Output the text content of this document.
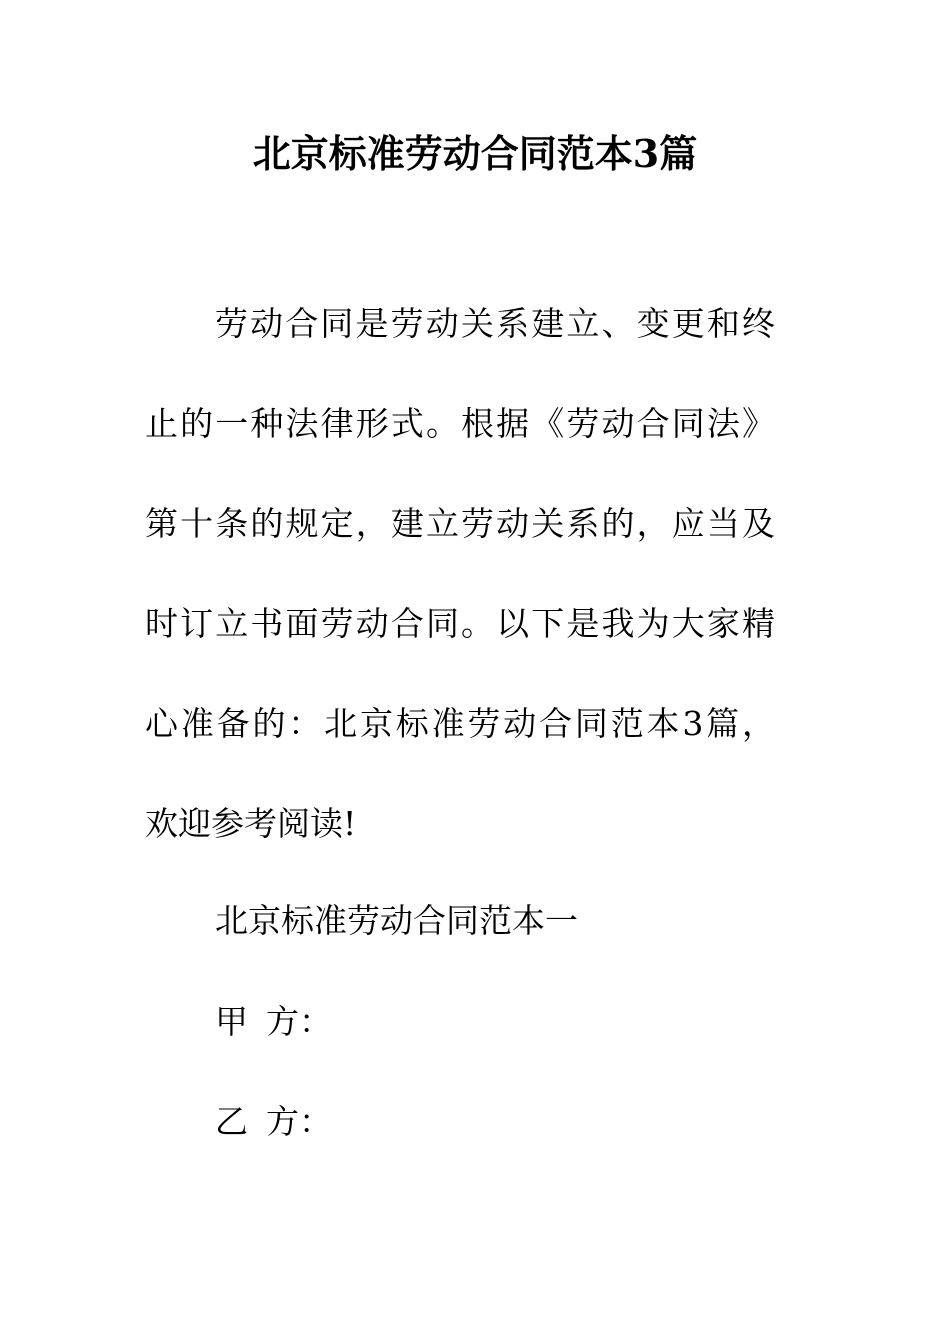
北京标准劳动合同范本3篇
劳动合同是劳动关系建立、变更和终
止的一种法律形式。根据《劳动合同法》
第十条的规定，建立劳动关系的，应当及
时订立书面劳动合同。以下是我为大家精
心准备的：北京标准劳动合同范本3篇，
欢迎参考阅读!
北京标准劳动合同范本一
甲 方：
乙 方：
